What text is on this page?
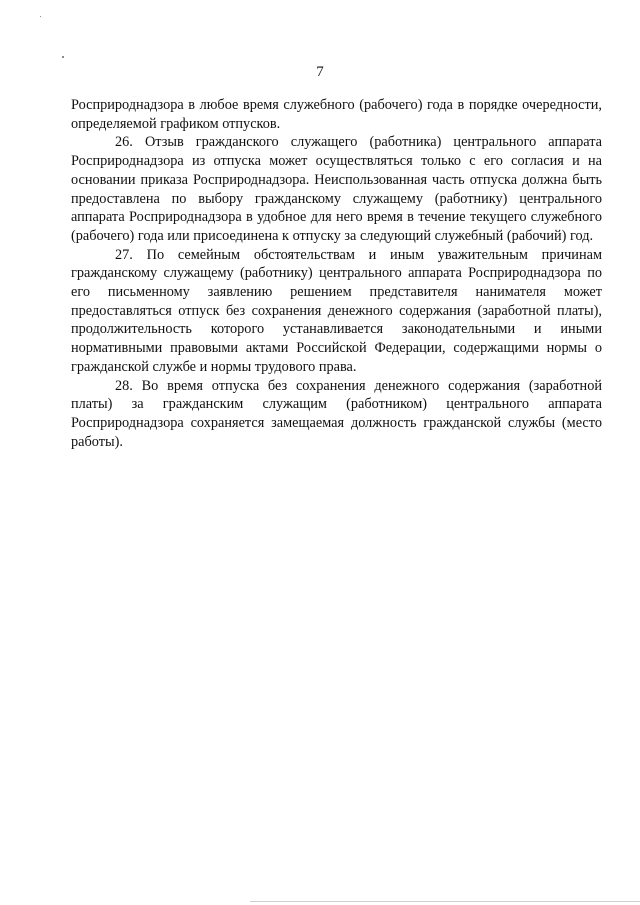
7

Росприроднадзора в любое время служебного (рабочего) года в порядке очередности, определяемой графиком отпусков.

26. Отзыв гражданского служащего (работника) центрального аппарата Росприроднадзора из отпуска может осуществляться только с его согласия и на основании приказа Росприроднадзора. Неиспользованная часть отпуска должна быть предоставлена по выбору гражданскому служащему (работнику) центрального аппарата Росприроднадзора в удобное для него время в течение текущего служебного (рабочего) года или присоединена к отпуску за следующий служебный (рабочий) год.

27. По семейным обстоятельствам и иным уважительным причинам гражданскому служащему (работнику) центрального аппарата Росприроднадзора по его письменному заявлению решением представителя нанимателя может предоставляться отпуск без сохранения денежного содержания (заработной платы), продолжительность которого устанавливается законодательными и иными нормативными правовыми актами Российской Федерации, содержащими нормы о гражданской службе и нормы трудового права.

28. Во время отпуска без сохранения денежного содержания (заработной платы) за гражданским служащим (работником) центрального аппарата Росприроднадзора сохраняется замещаемая должность гражданской службы (место работы).
